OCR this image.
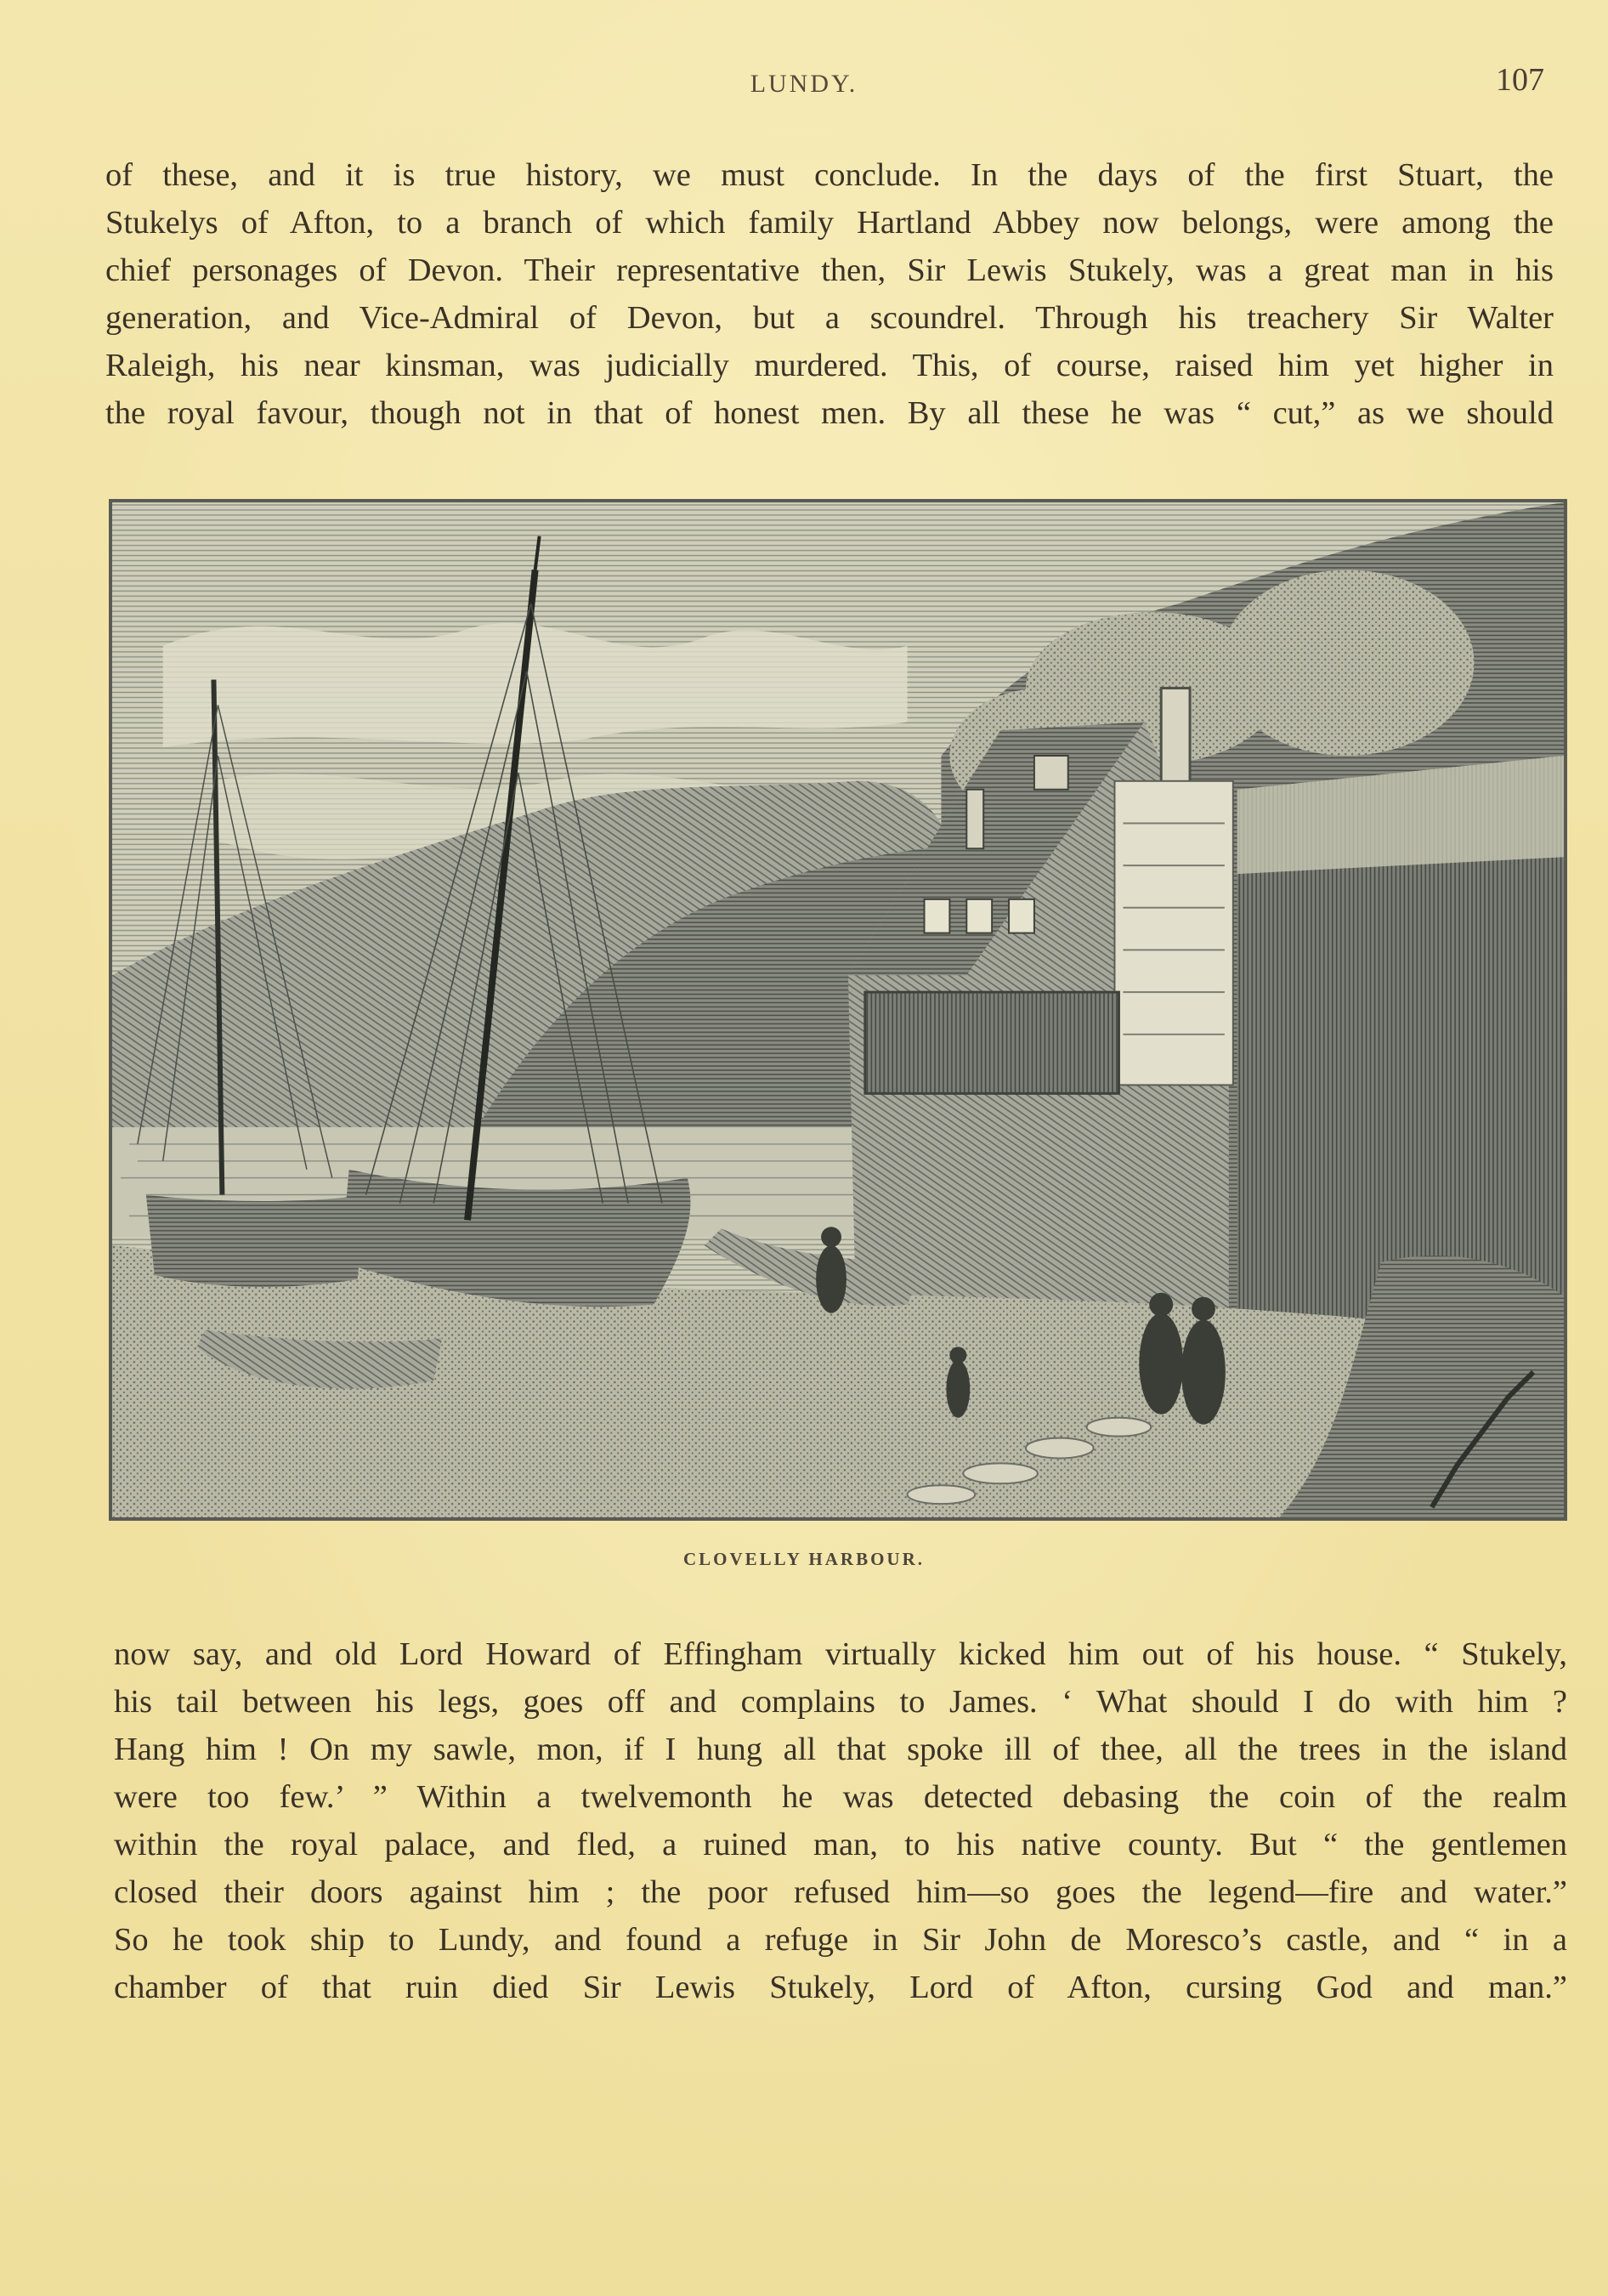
LUNDY.	107
of these, and it is true history, we must conclude. In the days of the first Stuart, the
Stukelys of Afton, to a branch of which family Hartland Abbey now belongs, were among the
chief personages of Devon. Their representative then, Sir Lewis Stukely, was a great man in his
generation, and Vice-Admiral of Devon, but a scoundrel. Through his treachery Sir Walter
Raleigh, his near kinsman, was judicially murdered. This, of course, raised him yet higher in
the royal favour, though not in that of honest men. By all these he was “ cut,” as we should
CLOVELLY HARBOUR.
now say, and old Lord Howard of Effingham virtually kicked him out of his house. “ Stukely,
his tail between his legs, goes off and complains to James. ‘ What should I do with him ?
Hang him ! On my sawle, mon, if I hung all that spoke ill of thee, all the trees in the island
were too few.’ ” Within a twelvemonth he was detected debasing the coin of the realm
within the royal palace, and fled, a ruined man, to his native county. But “ the gentlemen
closed their doors against him ; the poor refused him—so goes the legend—fire and water.”
So he took ship to Lundy, and found a refuge in Sir John de Moresco’s castle, and “ in a
chamber of that ruin died Sir Lewis Stukely, Lord of Afton, cursing God and man.”
